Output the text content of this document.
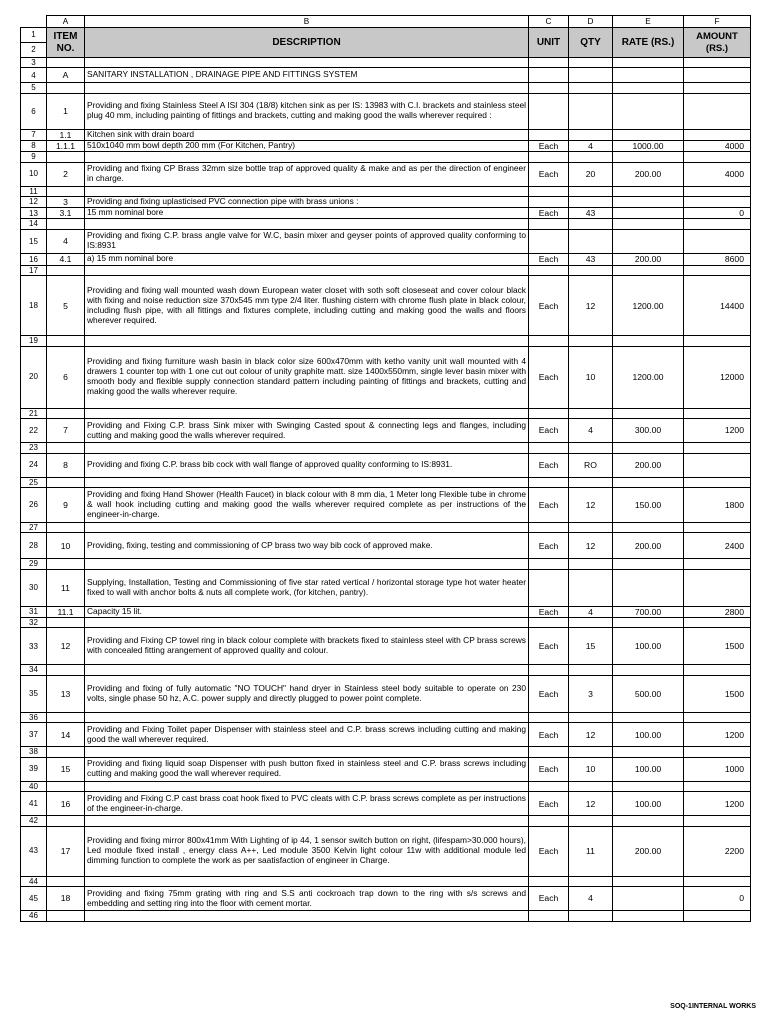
	A	B	C	D	E	F
1	ITEM NO.	DESCRIPTION	UNIT	QTY	RATE (RS.)	AMOUNT (RS.)
2						
3						
4	A	SANITARY INSTALLATION , DRAINAGE PIPE AND FITTINGS SYSTEM				
5						
6	1	Providing and fixing Stainless Steel A ISI 304 (18/8) kitchen sink as per IS: 13983 with C.I. brackets and stainless steel plug 40 mm, including painting of fittings and brackets, cutting and making good the walls wherever required :				
7	1.1	Kitchen sink with drain board				
8	1.1.1	510x1040 mm bowl depth 200 mm (For Kitchen, Pantry)	Each	4	1000.00	4000
9						
10	2	Providing and fixing CP Brass 32mm size bottle trap of approved quality & make and as per the direction of engineer in charge.	Each	20	200.00	4000
11						
12	3	Providing and fixing uplasticised PVC connection pipe with brass unions :				
13	3.1	15 mm nominal bore	Each	43		0
14						
15	4	Providing and fixing C.P. brass angle valve for W.C, basin mixer and geyser points of approved quality conforming to IS:8931				
16	4.1	a) 15 mm nominal bore	Each	43	200.00	8600
17						
18	5	Providing and fixing wall mounted wash down European water closet with soth soft closeseat and cover colour black with fixing and noise reduction size 370x545 mm type 2/4 liter. flushing cistern with chrome flush plate in black colour, including flush pipe, with all fittings and fixtures complete, including cutting and making good the walls and floors wherever required.	Each	12	1200.00	14400
19						
20	6	Providing and fixing furniture wash basin in black color size 600x470mm with ketho vanity unit wall mounted with 4 drawers 1 counter top with 1 one cut out colour of unity graphite matt. size 1400x550mm, single lever basin mixer with smooth body and flexible supply connection standard pattern including painting of fittings and brackets, cutting and making good the walls wherever require.	Each	10	1200.00	12000
21						
22	7	Providing and Fixing C.P. brass Sink mixer with Swinging Casted spout & connecting legs and flanges, including cutting and making good the walls wherever required.	Each	4	300.00	1200
23						
24	8	Providing and fixing C.P. brass bib cock with wall flange of approved quality conforming to IS:8931.	Each	RO	200.00	
25						
26	9	Providing and fixing Hand Shower (Health Faucet) in black colour with 8 mm dia, 1 Meter long Flexible tube in chrome & wall hook including cutting and making good the walls wherever required complete as per instructions of the engineer-in-charge.	Each	12	150.00	1800
27						
28	10	Providing, fixing, testing and commissioning of CP brass two way bib cock of approved make.	Each	12	200.00	2400
29						
30	11	Supplying, Installation, Testing and Commissioning of five star rated vertical / horizontal storage type hot water heater fixed to wall with anchor bolts & nuts all complete work, (for kitchen, pantry).				
31	11.1	Capacity 15 lit.	Each	4	700.00	2800
32						
33	12	Providing and Fixing CP towel ring in black colour complete with brackets fixed to stainless steel with CP brass screws with concealed fitting arangement of approved quality and colour.	Each	15	100.00	1500
34						
35	13	Providing and fixing of fully automatic "NO TOUCH" hand dryer in Stainless steel body suitable to operate on 230 volts, single phase 50 hz, A.C. power supply and directly plugged to power point complete.	Each	3	500.00	1500
36						
37	14	Providing and Fixing Toilet paper Dispenser with stainless steel and C.P. brass screws including cutting and making good the wall wherever required.	Each	12	100.00	1200
38						
39	15	Providing and fixing liquid soap Dispenser with push button fixed in stainless steel and C.P. brass screws including cutting and making good the wall wherever required.	Each	10	100.00	1000
40						
41	16	Providing and Fixing C.P cast brass coat hook fixed to PVC cleats with C.P. brass screws complete as per instructions of the engineer-in-charge.	Each	12	100.00	1200
42						
43	17	Providing and fixing mirror 800x41mm With Lighting of ip 44, 1 sensor switch button on right, (lifespam>30.000 hours), Led module fixed install , energy class A++, Led module 3500 Kelvin light colour 11w with additional module led dimming function to complete the work as per saatisfaction of engineer in Charge.	Each	11	200.00	2200
44						
45	18	Providing and fixing 75mm grating with ring and S.S anti cockroach trap down to the ring with s/s screws and embedding and setting ring into the floor with cement mortar.	Each	4		0
46						
SOQ-1INTERNAL WORKS
